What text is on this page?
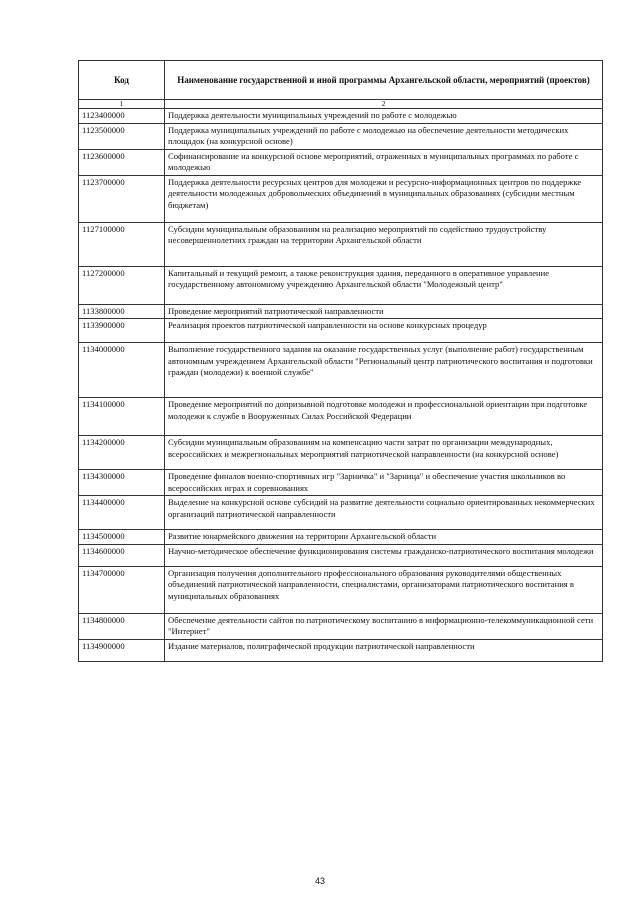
Код	Наименование государственной и иной программы Архангельской области, мероприятий (проектов)
1	2
1123400000	Поддержка деятельности муниципальных учреждений по работе с молодежью
1123500000	Поддержка муниципальных учреждений по работе с молодежью на обеспечение деятельности методических площадок (на конкурсной основе)
1123600000	Софинансирование на конкурсной основе мероприятий, отраженных в муниципальных программах по работе с молодежью
1123700000	Поддержка деятельности ресурсных центров для молодежи и ресурсно-информационных центров по поддержке деятельности молодежных добровольческих объединений в муниципальных образованиях (субсидии местным бюджетам)
1127100000	Субсидии муниципальным образованиям на реализацию мероприятий по содействию трудоустройству несовершеннолетних граждан на территории Архангельской области
1127200000	Капитальный и текущий ремонт, а также реконструкция здания, переданного в оперативное управление государственному автономному учреждению Архангельской области "Молодежный центр"
1133800000	Проведение мероприятий патриотической направленности
1133900000	Реализация проектов патриотической направленности на основе конкурсных процедур
1134000000	Выполнение государственного задания на оказание государственных услуг (выполнение работ) государственным автономным учреждением Архангельской области "Региональный центр патриотического воспитания и подготовки граждан (молодежи) к военной службе"
1134100000	Проведение мероприятий по допризывной подготовке молодежи и профессиональной ориентации при подготовке молодежи к службе в Вооруженных Силах Российской Федерации
1134200000	Субсидии муниципальным образованиям на компенсацию части затрат по организации международных, всероссийских и межрегиональных мероприятий патриотической направленности (на конкурсной основе)
1134300000	Проведение финалов военно-спортивных игр "Зарничка" и "Зарница" и обеспечение участия школьников во всероссийских играх и соревнованиях
1134400000	Выделение на конкурсной основе субсидий на развитие деятельности социально ориентированных некоммерческих организаций патриотической направленности
1134500000	Развитие юнармейского движения на территории Архангельской области
1134600000	Научно-методическое обеспечение функционирования системы гражданско-патриотического воспитания молодежи
1134700000	Организация получения дополнительного профессионального образования руководителями общественных объединений патриотической направленности, специалистами, организаторами патриотического воспитания в муниципальных образованиях
1134800000	Обеспечение деятельности сайтов по патриотическому воспитанию в информационно-телекоммуникационной сети "Интернет"
1134900000	Издание материалов, полиграфической продукции патриотической направленности
43
